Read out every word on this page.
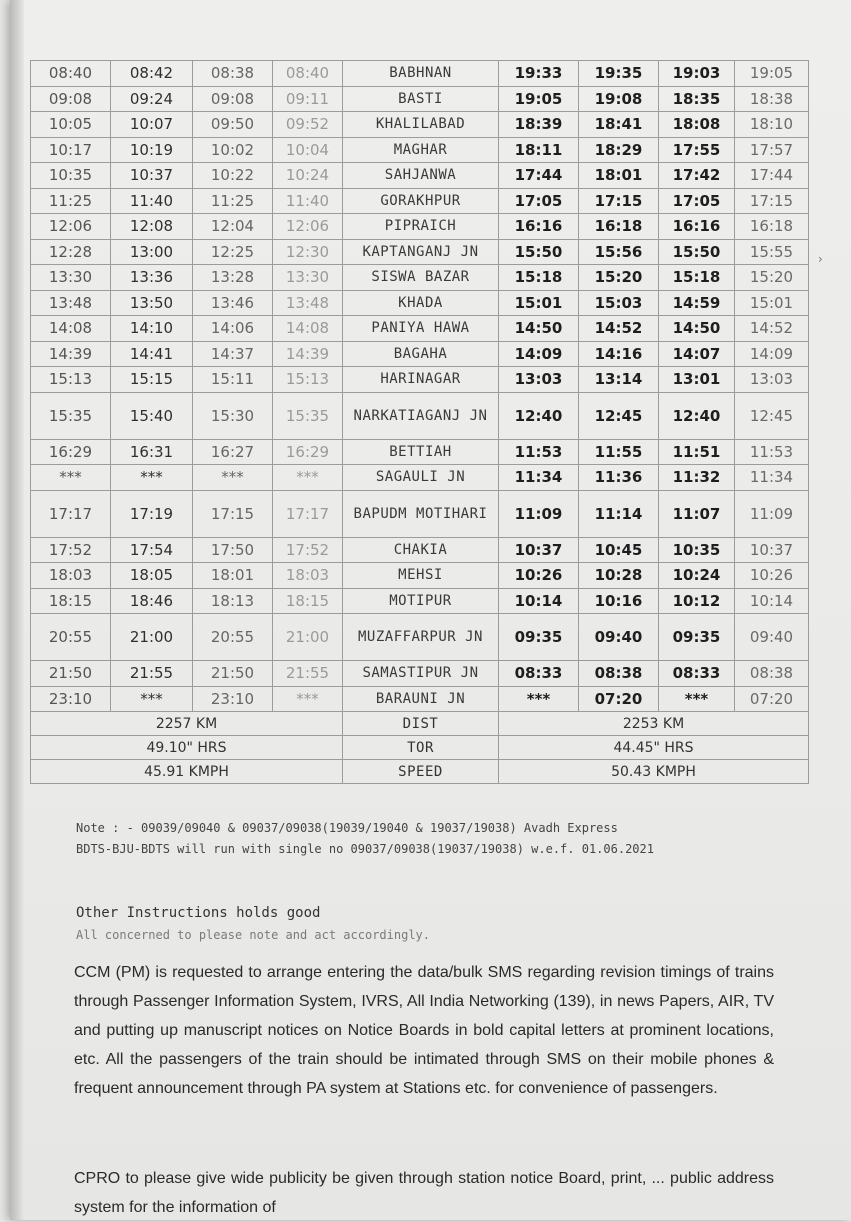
08:40	08:42	08:38	08:40	BABHNAN	19:33	19:35	19:03	19:05
09:08	09:24	09:08	09:11	BASTI	19:05	19:08	18:35	18:38
10:05	10:07	09:50	09:52	KHALILABAD	18:39	18:41	18:08	18:10
10:17	10:19	10:02	10:04	MAGHAR	18:11	18:29	17:55	17:57
10:35	10:37	10:22	10:24	SAHJANWA	17:44	18:01	17:42	17:44
11:25	11:40	11:25	11:40	GORAKHPUR	17:05	17:15	17:05	17:15
12:06	12:08	12:04	12:06	PIPRAICH	16:16	16:18	16:16	16:18
12:28	13:00	12:25	12:30	KAPTANGANJ JN	15:50	15:56	15:50	15:55
13:30	13:36	13:28	13:30	SISWA BAZAR	15:18	15:20	15:18	15:20
13:48	13:50	13:46	13:48	KHADA	15:01	15:03	14:59	15:01
14:08	14:10	14:06	14:08	PANIYA HAWA	14:50	14:52	14:50	14:52
14:39	14:41	14:37	14:39	BAGAHA	14:09	14:16	14:07	14:09
15:13	15:15	15:11	15:13	HARINAGAR	13:03	13:14	13:01	13:03
15:35	15:40	15:30	15:35	NARKATIAGANJ JN	12:40	12:45	12:40	12:45
16:29	16:31	16:27	16:29	BETTIAH	11:53	11:55	11:51	11:53
***	***	***	***	SAGAULI JN	11:34	11:36	11:32	11:34
17:17	17:19	17:15	17:17	BAPUDM MOTIHARI	11:09	11:14	11:07	11:09
17:52	17:54	17:50	17:52	CHAKIA	10:37	10:45	10:35	10:37
18:03	18:05	18:01	18:03	MEHSI	10:26	10:28	10:24	10:26
18:15	18:46	18:13	18:15	MOTIPUR	10:14	10:16	10:12	10:14
20:55	21:00	20:55	21:00	MUZAFFARPUR JN	09:35	09:40	09:35	09:40
21:50	21:55	21:50	21:55	SAMASTIPUR JN	08:33	08:38	08:33	08:38
23:10	***	23:10	***	BARAUNI JN	***	07:20	***	07:20
2257 KM				DIST	2253 KM			
49.10" HRS				TOR	44.45" HRS			
45.91 KMPH				SPEED	50.43 KMPH			
Note : - 09039/09040 & 09037/09038(19039/19040 & 19037/19038) Avadh Express
BDTS-BJU-BDTS will run with single no 09037/09038(19037/19038) w.e.f. 01.06.2021
Other Instructions holds good
All concerned to please note and act accordingly.
CCM (PM) is requested to arrange entering the data/bulk SMS regarding revision timings of trains through Passenger Information System, IVRS, All India Networking (139), in news Papers, AIR, TV and putting up manuscript notices on Notice Boards in bold capital letters at prominent locations, etc. All the passengers of the train should be intimated through SMS on their mobile phones & frequent announcement through PA system at Stations etc. for convenience of passengers.
CPRO to please give wide publicity be given through station notice Board, print, ... public address system for the information of
›
